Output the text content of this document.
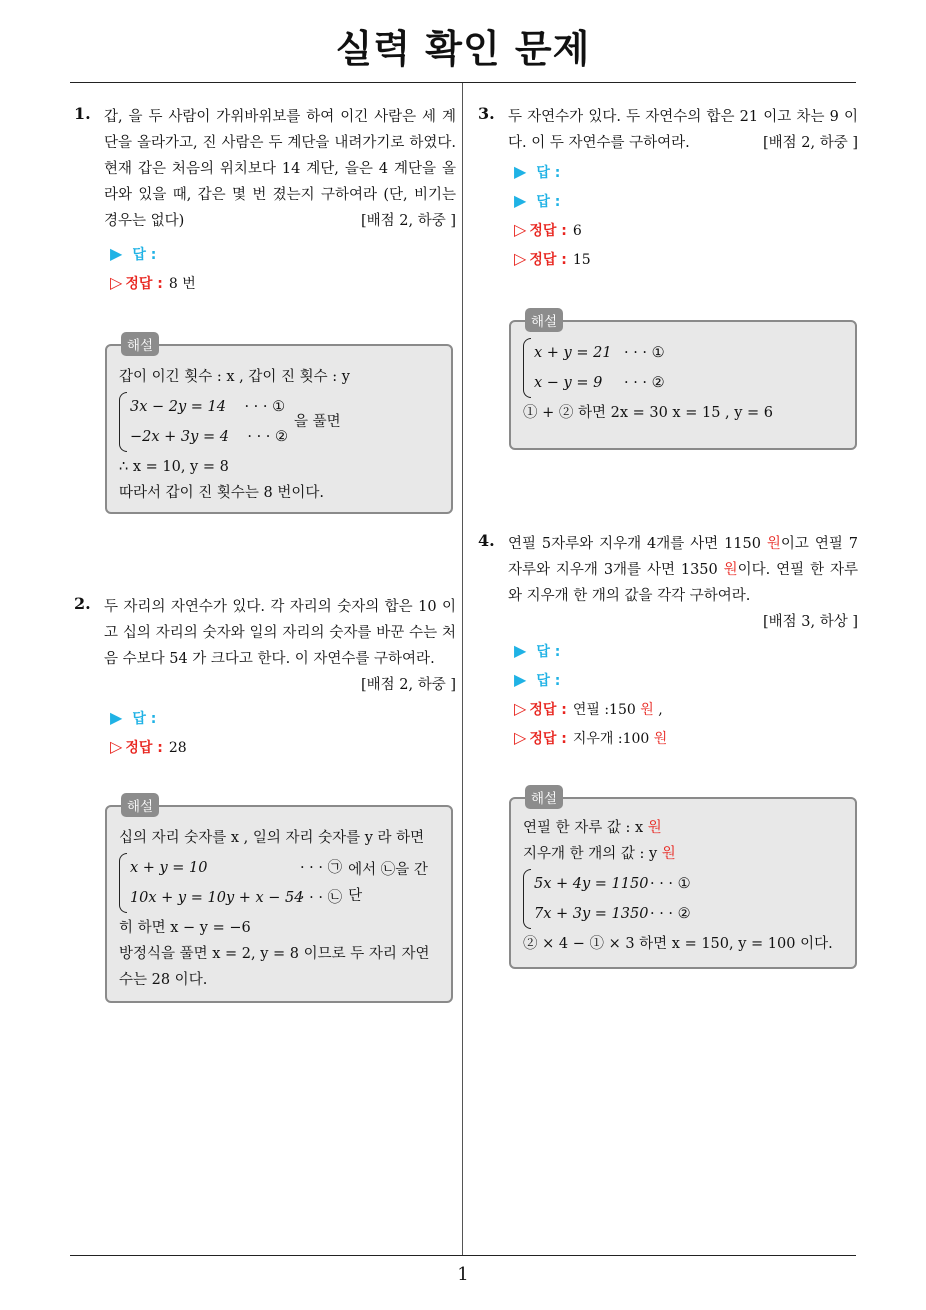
실력 확인 문제
1
1. 갑, 을 두 사람이 가위바위보를 하여 이긴 사람은 세 계단을 올라가고, 진 사람은 두 계단을 내려가기로 하였다. 현재 갑은 처음의 위치보다 14 계단, 을은 4 계단을 올라와 있을 때, 갑은 몇 번 졌는지 구하여라 (단, 비기는 경우는 없다)	[배점 2, 하중 ]
▶ 답 :
▷ 정답 : 8 번
해설
갑이 이긴 횟수 : x , 갑이 진 횟수 : y
3x − 2y = 14 · · · ①
−2x + 3y = 4 · · · ②
을 풀면
∴ x = 10, y = 8
따라서 갑이 진 횟수는 8 번이다.
2. 두 자리의 자연수가 있다. 각 자리의 숫자의 합은 10 이고 십의 자리의 숫자와 일의 자리의 숫자를 바꾼 수는 처음 수보다 54 가 크다고 한다. 이 자연수를 구하여라.
[배점 2, 하중 ]
▶ 답 :
▷ 정답 : 28
해설
십의 자리 숫자를 x , 일의 자리 숫자를 y 라 하면
x + y = 10	· · · ㉠
10x + y = 10y + x − 54· · · ㉡
에서 ㉡을 간단
히 하면 x − y = −6
방정식을 풀면 x = 2, y = 8 이므로 두 자리 자연수는 28 이다.
3. 두 자연수가 있다. 두 자연수의 합은 21 이고 차는 9 이다. 이 두 자연수를 구하여라.	[배점 2, 하중 ]
▶ 답 :
▶ 답 :
▷ 정답 : 6
▷ 정답 : 15
해설
x + y = 21 · · · ①
x − y = 9 · · · ②
① + ② 하면 2x = 30 x = 15 , y = 6
4. 연필 5자루와 지우개 4개를 사면 1150 원이고 연필 7자루와 지우개 3개를 사면 1350 원이다. 연필 한 자루와 지우개 한 개의 값을 각각 구하여라.
[배점 3, 하상 ]
▶ 답 :
▶ 답 :
▷ 정답 : 연필 :150 원 ,
▷ 정답 : 지우개 :100 원
해설
연필 한 자루 값 : x 원
지우개 한 개의 값 : y 원
5x + 4y = 1150 · · · ①
7x + 3y = 1350 · · · ②
② × 4 − ① × 3 하면 x = 150, y = 100 이다.
